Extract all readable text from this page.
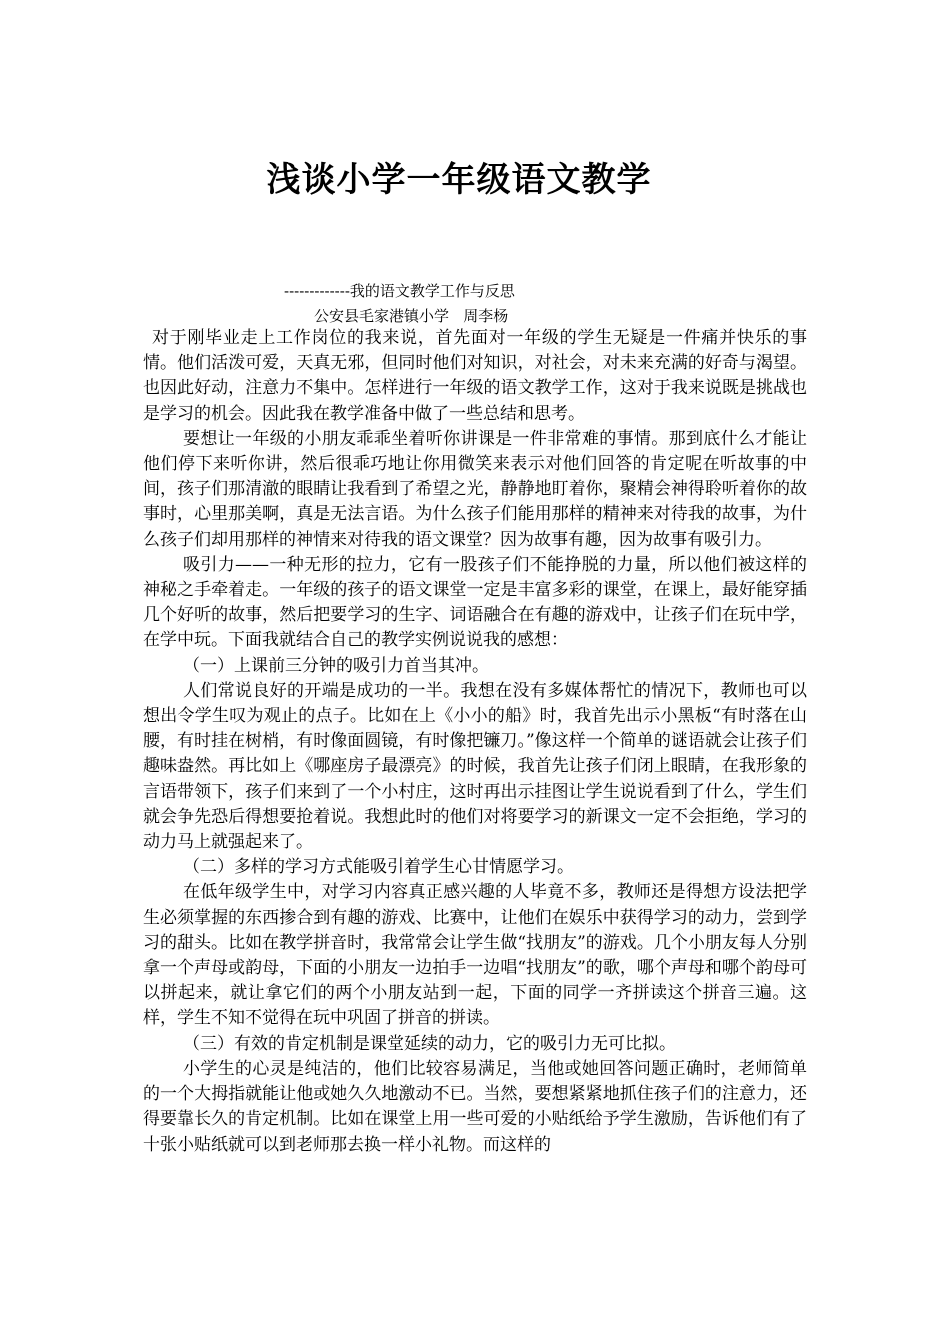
浅谈小学一年级语文教学
-------------我的语文教学工作与反思
公安县毛家港镇小学   周李杨

对于刚毕业走上工作岗位的我来说，首先面对一年级的学生无疑是一件痛并快乐的事情。他们活泼可爱，天真无邪，但同时他们对知识，对社会，对未来充满的好奇与渴望。也因此好动，注意力不集中。怎样进行一年级的语文教学工作，这对于我来说既是挑战也是学习的机会。因此我在教学准备中做了一些总结和思考。

要想让一年级的小朋友乖乖坐着听你讲课是一件非常难的事情。那到底什么才能让他们停下来听你讲，然后很乖巧地让你用微笑来表示对他们回答的肯定呢在听故事的中间，孩子们那清澈的眼睛让我看到了希望之光，静静地盯着你，聚精会神得聆听着你的故事时，心里那美啊，真是无法言语。为什么孩子们能用那样的精神来对待我的故事，为什么孩子们却用那样的神情来对待我的语文课堂？因为故事有趣，因为故事有吸引力。

吸引力——一种无形的拉力，它有一股孩子们不能挣脱的力量，所以他们被这样的神秘之手牵着走。一年级的孩子的语文课堂一定是丰富多彩的课堂，在课上，最好能穿插几个好听的故事，然后把要学习的生字、词语融合在有趣的游戏中，让孩子们在玩中学，在学中玩。下面我就结合自己的教学实例说说我的感想：

（一）上课前三分钟的吸引力首当其冲。

人们常说良好的开端是成功的一半。我想在没有多媒体帮忙的情况下，教师也可以想出令学生叹为观止的点子。比如在上《小小的船》时，我首先出示小黑板“有时落在山腰，有时挂在树梢，有时像面圆镜，有时像把镰刀。”像这样一个简单的谜语就会让孩子们趣味盎然。再比如上《哪座房子最漂亮》的时候，我首先让孩子们闭上眼睛，在我形象的言语带领下，孩子们来到了一个小村庄，这时再出示挂图让学生说说看到了什么，学生们就会争先恐后得想要抢着说。我想此时的他们对将要学习的新课文一定不会拒绝，学习的动力马上就强起来了。

（二）多样的学习方式能吸引着学生心甘情愿学习。

在低年级学生中，对学习内容真正感兴趣的人毕竟不多，教师还是得想方设法把学生必须掌握的东西掺合到有趣的游戏、比赛中，让他们在娱乐中获得学习的动力，尝到学习的甜头。比如在教学拼音时，我常常会让学生做“找朋友”的游戏。几个小朋友每人分别拿一个声母或韵母，下面的小朋友一边拍手一边唱“找朋友”的歌，哪个声母和哪个韵母可以拼起来，就让拿它们的两个小朋友站到一起，下面的同学一齐拼读这个拼音三遍。这样，学生不知不觉得在玩中巩固了拼音的拼读。

（三）有效的肯定机制是课堂延续的动力，它的吸引力无可比拟。

小学生的心灵是纯洁的，他们比较容易满足，当他或她回答问题正确时，老师简单的一个大拇指就能让他或她久久地激动不已。当然，要想紧紧地抓住孩子们的注意力，还得要靠长久的肯定机制。比如在课堂上用一些可爱的小贴纸给予学生激励，告诉他们有了十张小贴纸就可以到老师那去换一样小礼物。而这样的
